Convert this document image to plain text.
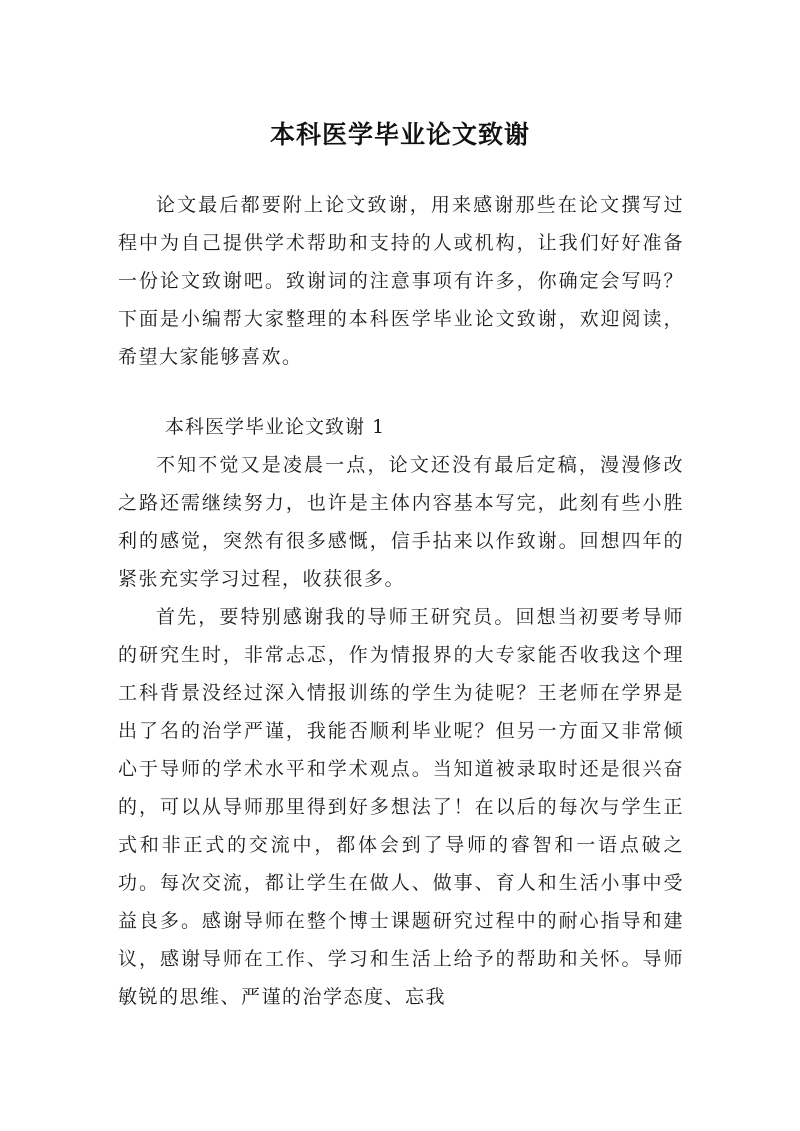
本科医学毕业论文致谢

论文最后都要附上论文致谢，用来感谢那些在论文撰写过程中为自己提供学术帮助和支持的人或机构，让我们好好准备一份论文致谢吧。致谢词的注意事项有许多，你确定会写吗？下面是小编帮大家整理的本科医学毕业论文致谢，欢迎阅读，希望大家能够喜欢。

本科医学毕业论文致谢 1

不知不觉又是凌晨一点，论文还没有最后定稿，漫漫修改之路还需继续努力，也许是主体内容基本写完，此刻有些小胜利的感觉，突然有很多感慨，信手拈来以作致谢。回想四年的紧张充实学习过程，收获很多。

首先，要特别感谢我的导师王研究员。回想当初要考导师的研究生时，非常忐忑，作为情报界的大专家能否收我这个理工科背景没经过深入情报训练的学生为徒呢？王老师在学界是出了名的治学严谨，我能否顺利毕业呢？但另一方面又非常倾心于导师的学术水平和学术观点。当知道被录取时还是很兴奋的，可以从导师那里得到好多想法了！在以后的每次与学生正式和非正式的交流中，都体会到了导师的睿智和一语点破之功。每次交流，都让学生在做人、做事、育人和生活小事中受益良多。感谢导师在整个博士课题研究过程中的耐心指导和建议，感谢导师在工作、学习和生活上给予的帮助和关怀。导师敏锐的思维、严谨的治学态度、忘我
